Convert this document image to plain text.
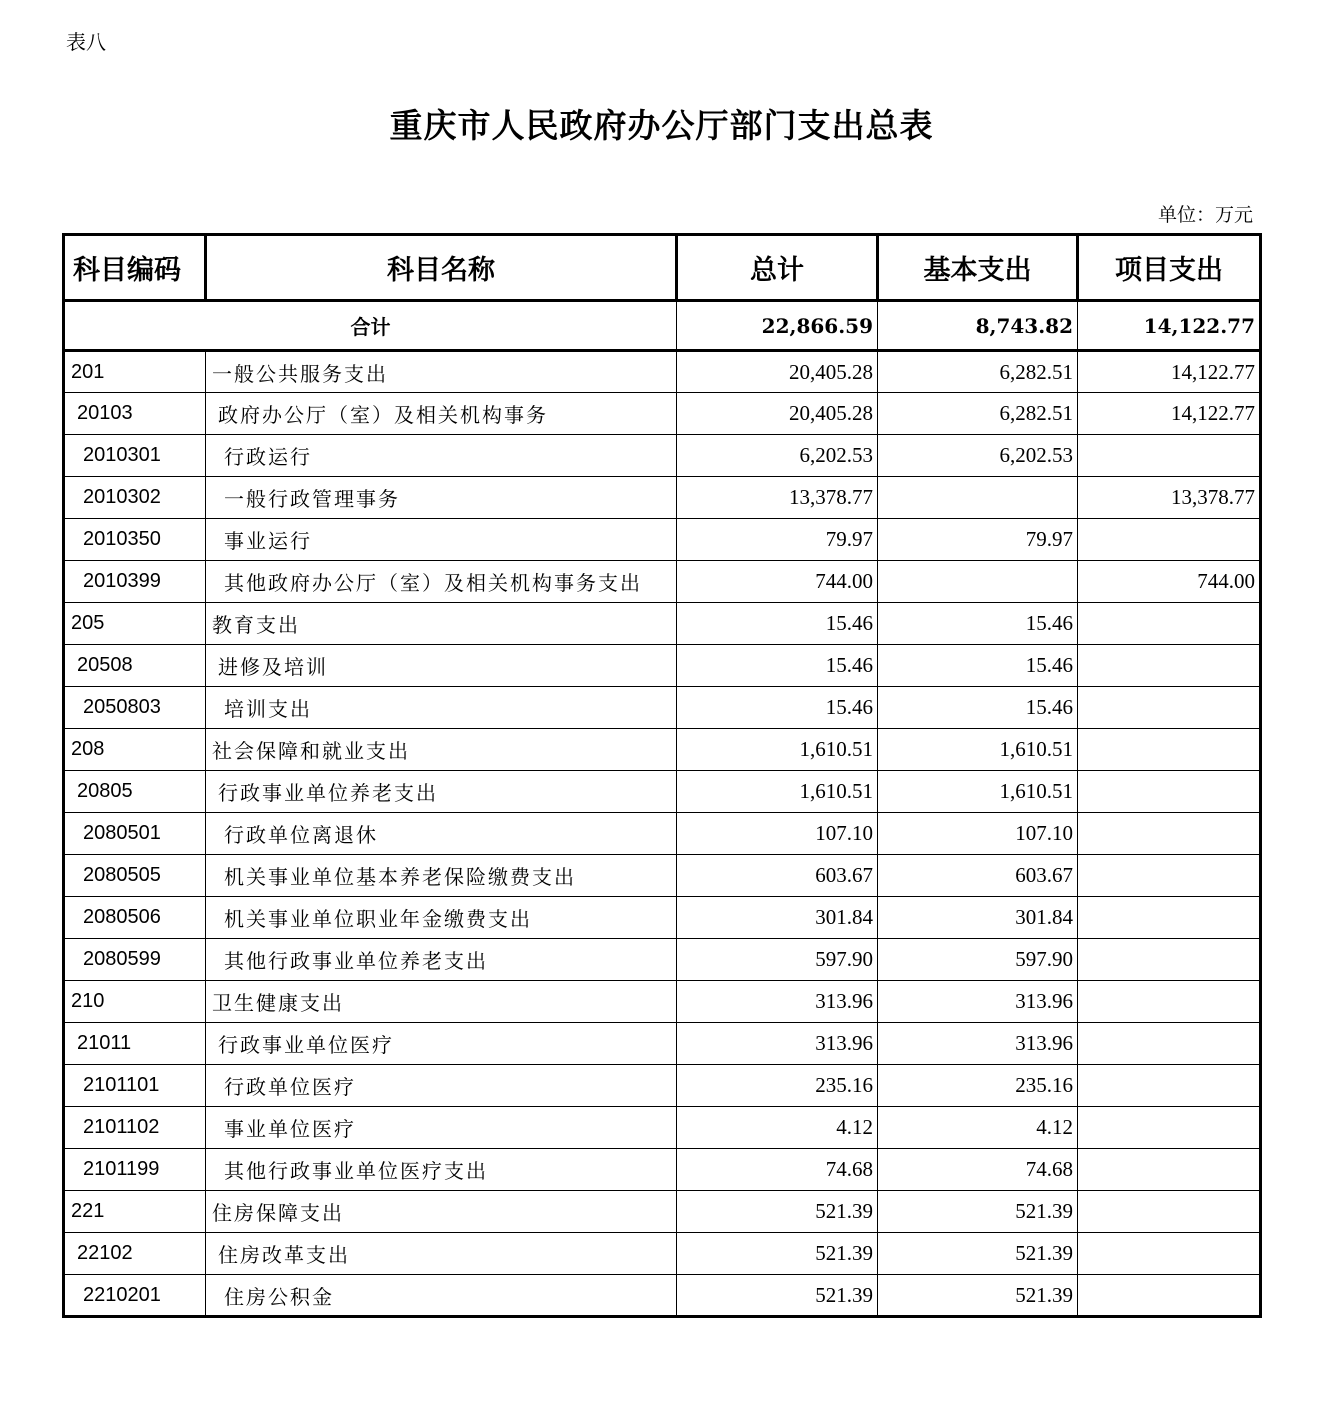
表八
重庆市人民政府办公厅部门支出总表
单位：万元
科目编码	科目名称	总计	基本支出	项目支出
合计		22,866.59	8,743.82	14,122.77
201	一般公共服务支出	20,405.28	6,282.51	14,122.77
20103	政府办公厅（室）及相关机构事务	20,405.28	6,282.51	14,122.77
2010301	行政运行	6,202.53	6,202.53	
2010302	一般行政管理事务	13,378.77		13,378.77
2010350	事业运行	79.97	79.97	
2010399	其他政府办公厅（室）及相关机构事务支出	744.00		744.00
205	教育支出	15.46	15.46	
20508	进修及培训	15.46	15.46	
2050803	培训支出	15.46	15.46	
208	社会保障和就业支出	1,610.51	1,610.51	
20805	行政事业单位养老支出	1,610.51	1,610.51	
2080501	行政单位离退休	107.10	107.10	
2080505	机关事业单位基本养老保险缴费支出	603.67	603.67	
2080506	机关事业单位职业年金缴费支出	301.84	301.84	
2080599	其他行政事业单位养老支出	597.90	597.90	
210	卫生健康支出	313.96	313.96	
21011	行政事业单位医疗	313.96	313.96	
2101101	行政单位医疗	235.16	235.16	
2101102	事业单位医疗	4.12	4.12	
2101199	其他行政事业单位医疗支出	74.68	74.68	
221	住房保障支出	521.39	521.39	
22102	住房改革支出	521.39	521.39	
2210201	住房公积金	521.39	521.39	
